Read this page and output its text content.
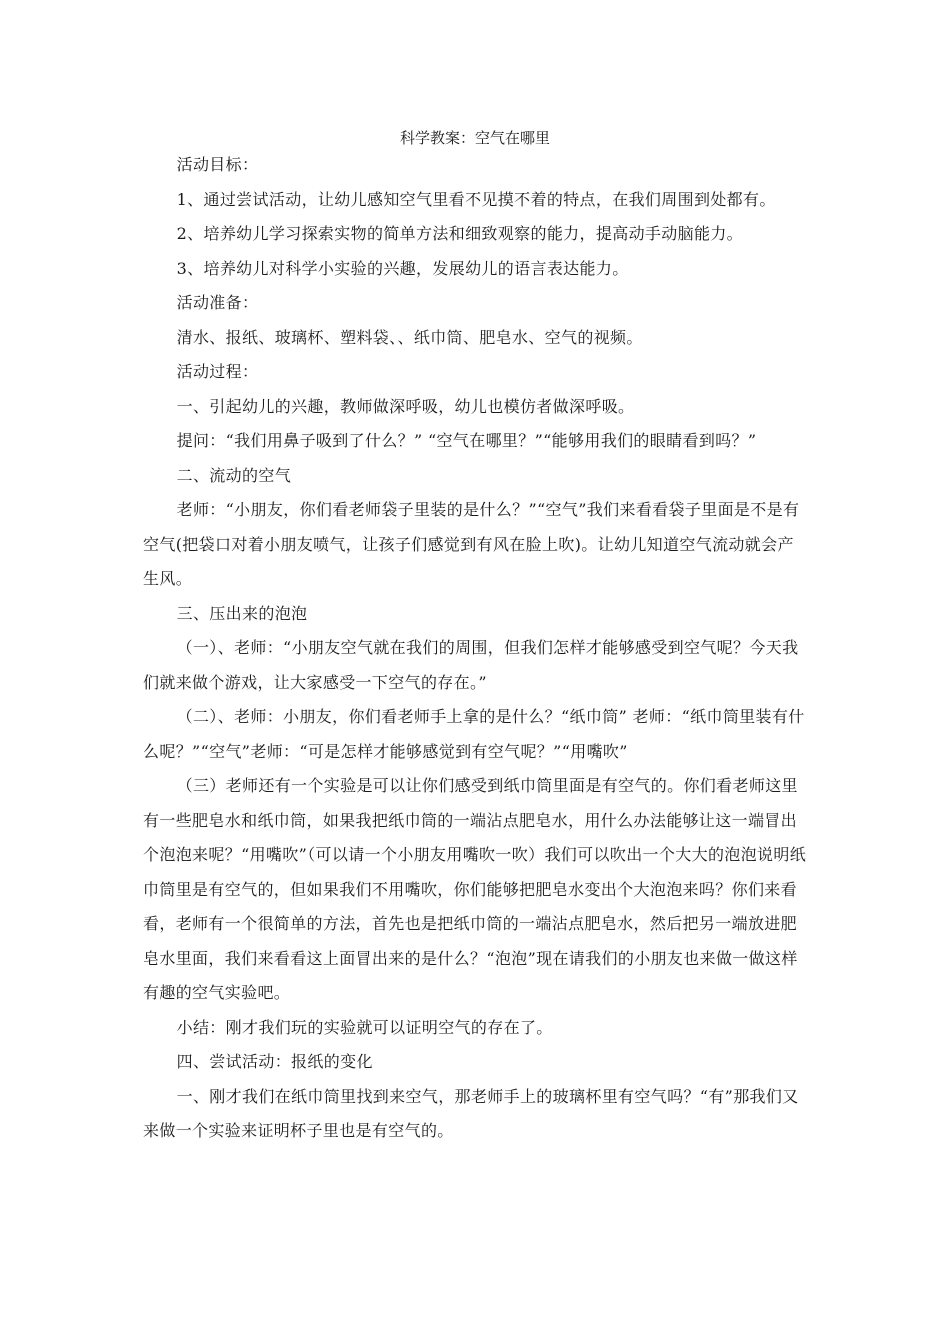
科学教案：空气在哪里

活动目标：

1、通过尝试活动，让幼儿感知空气里看不见摸不着的特点，在我们周围到处都有。

2、培养幼儿学习探索实物的简单方法和细致观察的能力，提高动手动脑能力。

3、培养幼儿对科学小实验的兴趣，发展幼儿的语言表达能力。

活动准备：

清水、报纸、玻璃杯、塑料袋、、纸巾筒、肥皂水、空气的视频。

活动过程：

一、引起幼儿的兴趣，教师做深呼吸，幼儿也模仿者做深呼吸。

提问：“我们用鼻子吸到了什么？” “空气在哪里？”“能够用我们的眼睛看到吗？”

二、流动的空气

老师：“小朋友，你们看老师袋子里装的是什么？”“空气”我们来看看袋子里面是不是有空气(把袋口对着小朋友喷气，让孩子们感觉到有风在脸上吹)。让幼儿知道空气流动就会产生风。

三、压出来的泡泡

（一）、老师：“小朋友空气就在我们的周围，但我们怎样才能够感受到空气呢？今天我们就来做个游戏，让大家感受一下空气的存在。”

（二）、老师：小朋友，你们看老师手上拿的是什么？“纸巾筒” 老师：“纸巾筒里装有什么呢？”“空气”老师：“可是怎样才能够感觉到有空气呢？”“用嘴吹”

（三）老师还有一个实验是可以让你们感受到纸巾筒里面是有空气的。你们看老师这里有一些肥皂水和纸巾筒，如果我把纸巾筒的一端沾点肥皂水，用什么办法能够让这一端冒出个泡泡来呢？“用嘴吹”（可以请一个小朋友用嘴吹一吹）我们可以吹出一个大大的泡泡说明纸巾筒里是有空气的，但如果我们不用嘴吹，你们能够把肥皂水变出个大泡泡来吗？你们来看看，老师有一个很简单的方法，首先也是把纸巾筒的一端沾点肥皂水，然后把另一端放进肥皂水里面，我们来看看这上面冒出来的是什么？“泡泡”现在请我们的小朋友也来做一做这样有趣的空气实验吧。

小结：刚才我们玩的实验就可以证明空气的存在了。

四、尝试活动：报纸的变化

一、刚才我们在纸巾筒里找到来空气，那老师手上的玻璃杯里有空气吗？“有”那我们又来做一个实验来证明杯子里也是有空气的。
